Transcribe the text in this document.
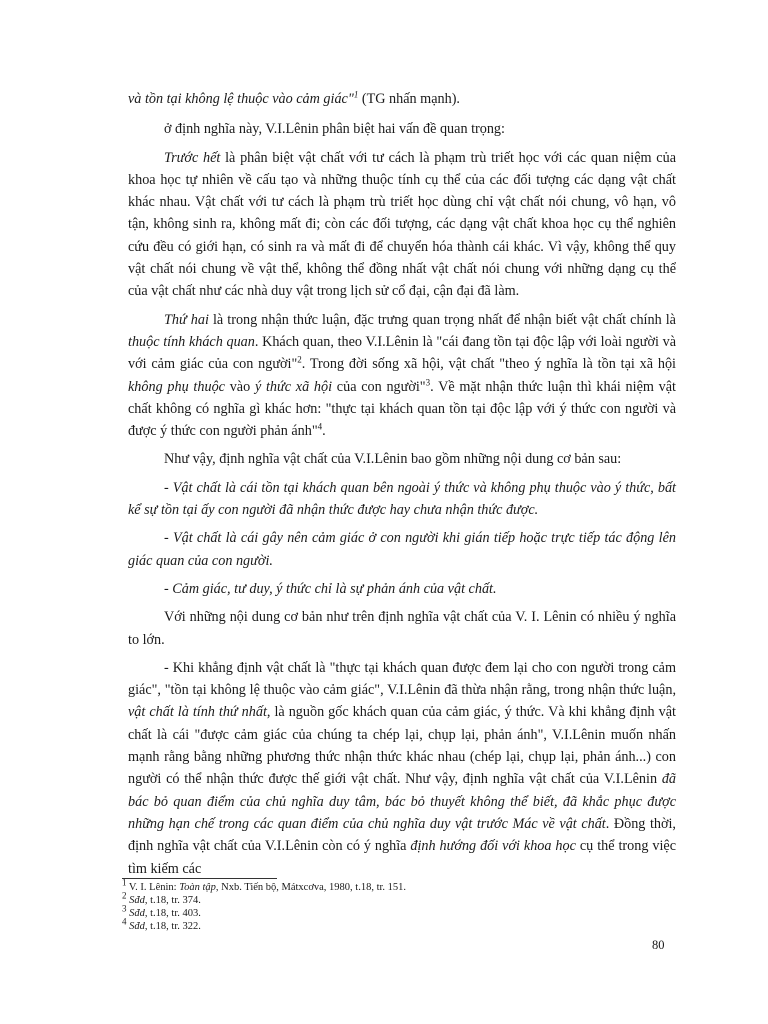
và tồn tại không lệ thuộc vào cảm giác"$^1$ (TG nhấn mạnh).

ở định nghĩa này, V.I.Lênin phân biệt hai vấn đề quan trọng:

Trước hết là phân biệt vật chất với tư cách là phạm trù triết học với các quan niệm của khoa học tự nhiên về cấu tạo và những thuộc tính cụ thể của các đối tượng các dạng vật chất khác nhau. Vật chất với tư cách là phạm trù triết học dùng chỉ vật chất nói chung, vô hạn, vô tận, không sinh ra, không mất đi; còn các đối tượng, các dạng vật chất khoa học cụ thể nghiên cứu đều có giới hạn, có sinh ra và mất đi để chuyển hóa thành cái khác. Vì vậy, không thể quy vật chất nói chung về vật thể, không thể đồng nhất vật chất nói chung với những dạng cụ thể của vật chất như các nhà duy vật trong lịch sử cổ đại, cận đại đã làm.

Thứ hai là trong nhận thức luận, đặc trưng quan trọng nhất để nhận biết vật chất chính là thuộc tính khách quan. Khách quan, theo V.I.Lênin là "cái đang tồn tại độc lập với loài người và với cảm giác của con người"$^2$. Trong đời sống xã hội, vật chất "theo ý nghĩa là tồn tại xã hội không phụ thuộc vào ý thức xã hội của con người"$^3$. Về mặt nhận thức luận thì khái niệm vật chất không có nghĩa gì khác hơn: "thực tại khách quan tồn tại độc lập với ý thức con người và được ý thức con người phản ánh"$^4$.

Như vậy, định nghĩa vật chất của V.I.Lênin bao gồm những nội dung cơ bản sau:

- Vật chất là cái tồn tại khách quan bên ngoài ý thức và không phụ thuộc vào ý thức, bất kể sự tồn tại ấy con người đã nhận thức được hay chưa nhận thức được.

- Vật chất là cái gây nên cảm giác ở con người khi gián tiếp hoặc trực tiếp tác động lên giác quan của con người.

- Cảm giác, tư duy, ý thức chỉ là sự phản ánh của vật chất.

Với những nội dung cơ bản như trên định nghĩa vật chất của V. I. Lênin có nhiều ý nghĩa to lớn.

- Khi khẳng định vật chất là "thực tại khách quan được đem lại cho con người trong cảm giác", "tồn tại không lệ thuộc vào cảm giác", V.I.Lênin đã thừa nhận rằng, trong nhận thức luận, vật chất là tính thứ nhất, là nguồn gốc khách quan của cảm giác, ý thức. Và khi khẳng định vật chất là cái "được cảm giác của chúng ta chép lại, chụp lại, phản ánh", V.I.Lênin muốn nhấn mạnh rằng bằng những phương thức nhận thức khác nhau (chép lại, chụp lại, phản ánh...) con người có thể nhận thức được thế giới vật chất. Như vậy, định nghĩa vật chất của V.I.Lênin đã bác bỏ quan điểm của chủ nghĩa duy tâm, bác bỏ thuyết không thể biết, đã khắc phục được những hạn chế trong các quan điểm của chủ nghĩa duy vật trước Mác về vật chất. Đồng thời, định nghĩa vật chất của V.I.Lênin còn có ý nghĩa định hướng đối với khoa học cụ thể trong việc tìm kiếm các

$^1$ V. I. Lênin: Toàn tập, Nxb. Tiến bộ, Mátxcơva, 1980, t.18, tr. 151.
$^2$ Sđd, t.18, tr. 374.
$^3$ Sđd, t.18, tr. 403.
$^4$ Sđd, t.18, tr. 322.
80
